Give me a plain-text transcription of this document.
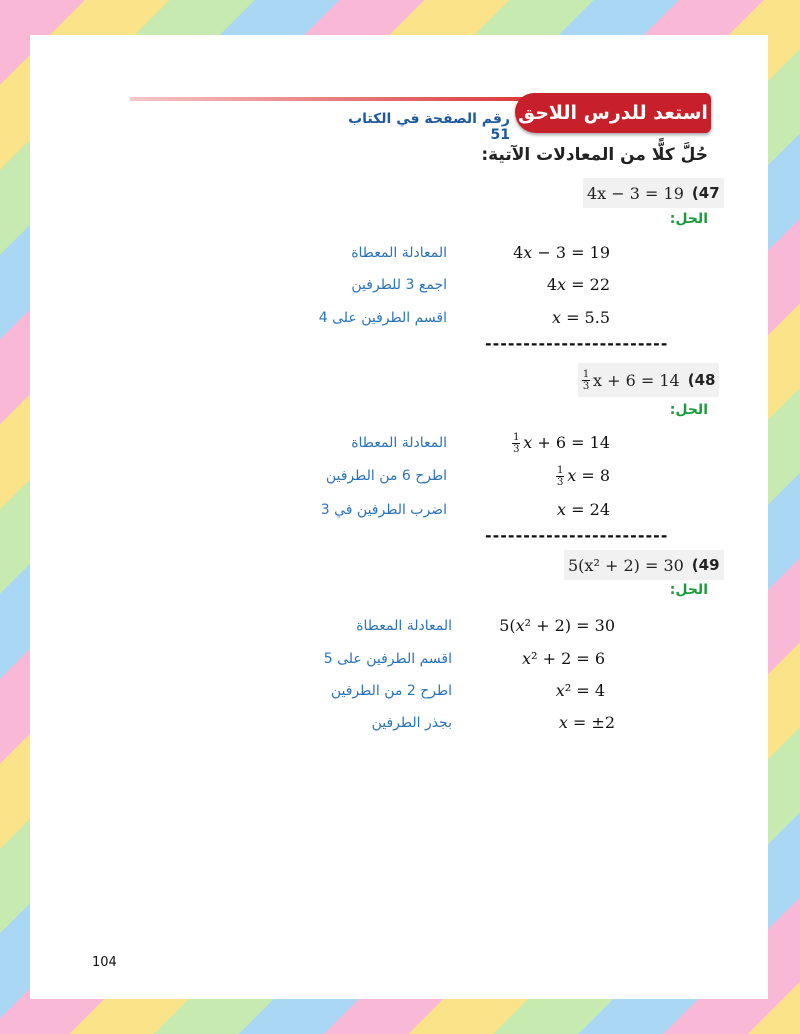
استعد للدرس اللاحق
رقم الصفحة في الكتاب 51
حُلَّ كلًّا من المعادلات الآتية:
4x − 3 = 19 (47
الحل:
4𝑥 − 3 = 19
المعادلة المعطاة
4𝑥 = 22
اجمع 3 للطرفين
𝑥 = 5.5
اقسم الطرفين على 4
------------------------
$\frac{1}{3}$ x + 6 = 14 (48
الحل:
$\frac{1}{3}$ 𝑥 + 6 = 14
المعادلة المعطاة
$\frac{1}{3}$ 𝑥 = 8
اطرح 6 من الطرفين
𝑥 = 24
اضرب الطرفين في 3
------------------------
5(x² + 2) = 30 (49
الحل:
5(𝑥² + 2) = 30
المعادلة المعطاة
𝑥² + 2 = 6
اقسم الطرفين على 5
𝑥² = 4
اطرح 2 من الطرفين
𝑥 = ±2
بجذر الطرفين
104
